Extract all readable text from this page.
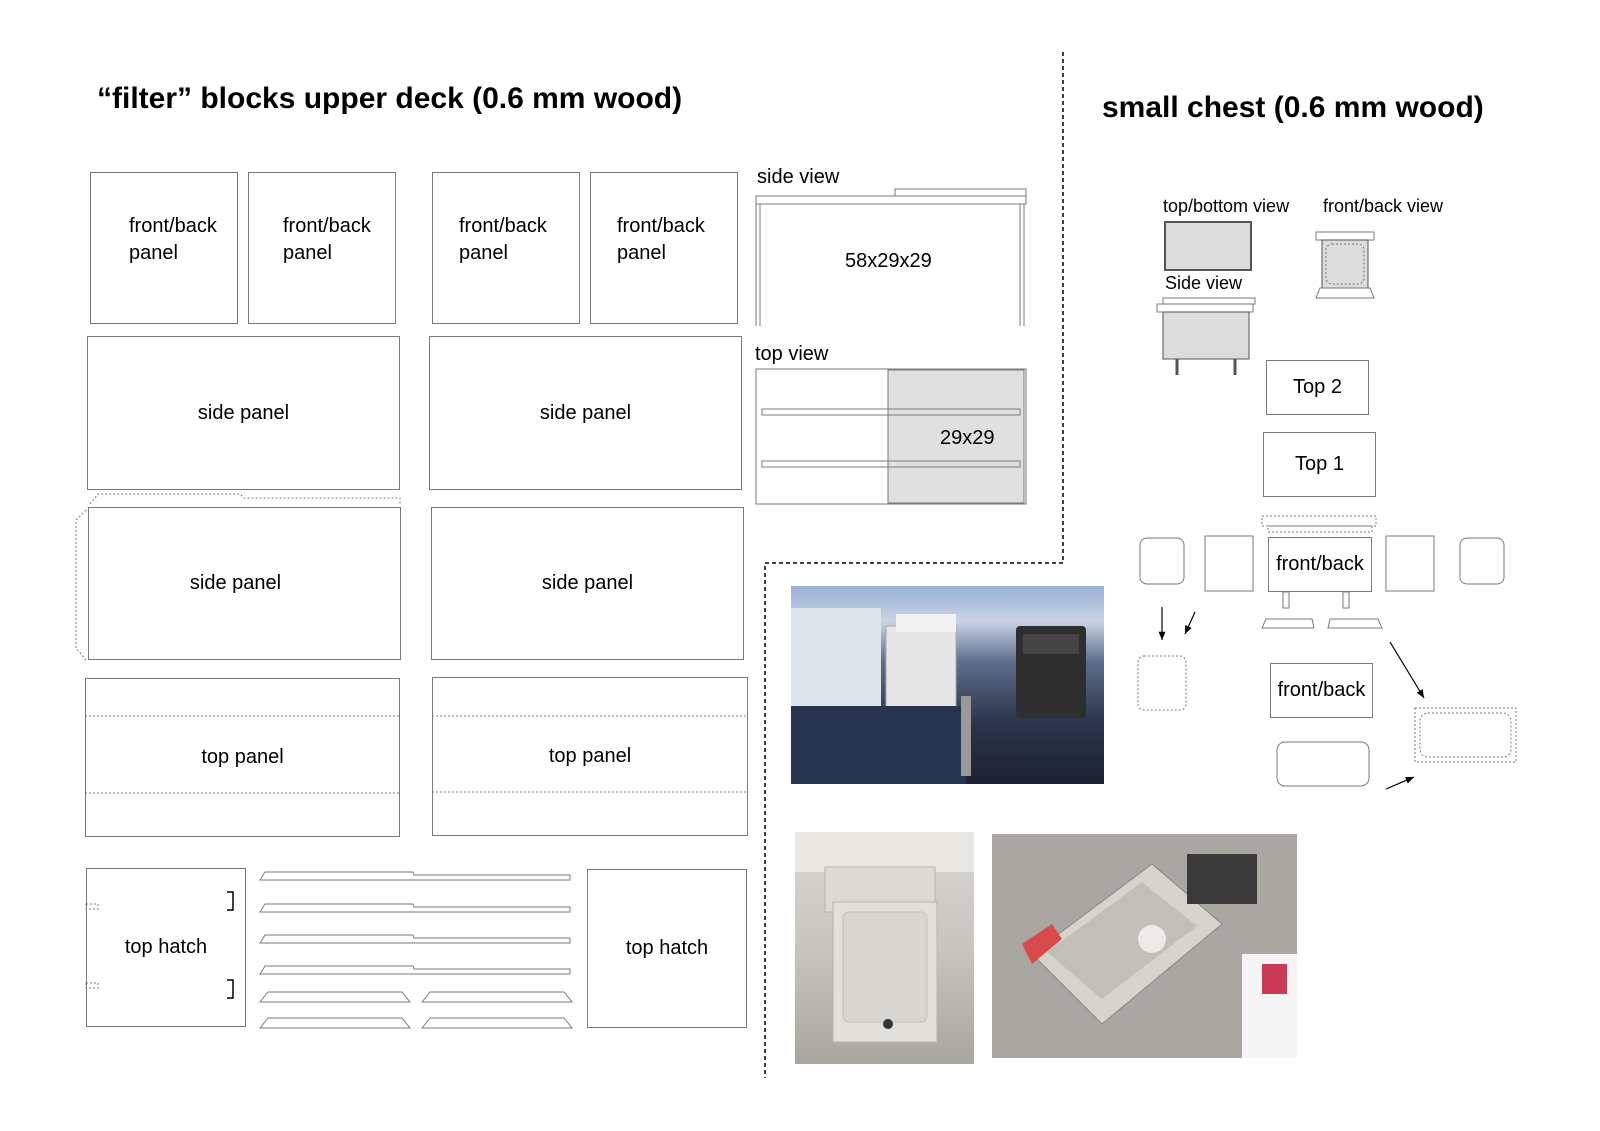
“filter” blocks upper deck (0.6 mm wood)
front/back
panel
front/back
panel
front/back
panel
front/back
panel
side panel	side panel
side panel	side panel
top panel	top panel
top hatch	top hatch
side view
58x29x29
top view
small chest (0.6 mm wood)
top/bottom view front/back view
Side view
Top 2
Top 1
front/back
front/back
29x29
